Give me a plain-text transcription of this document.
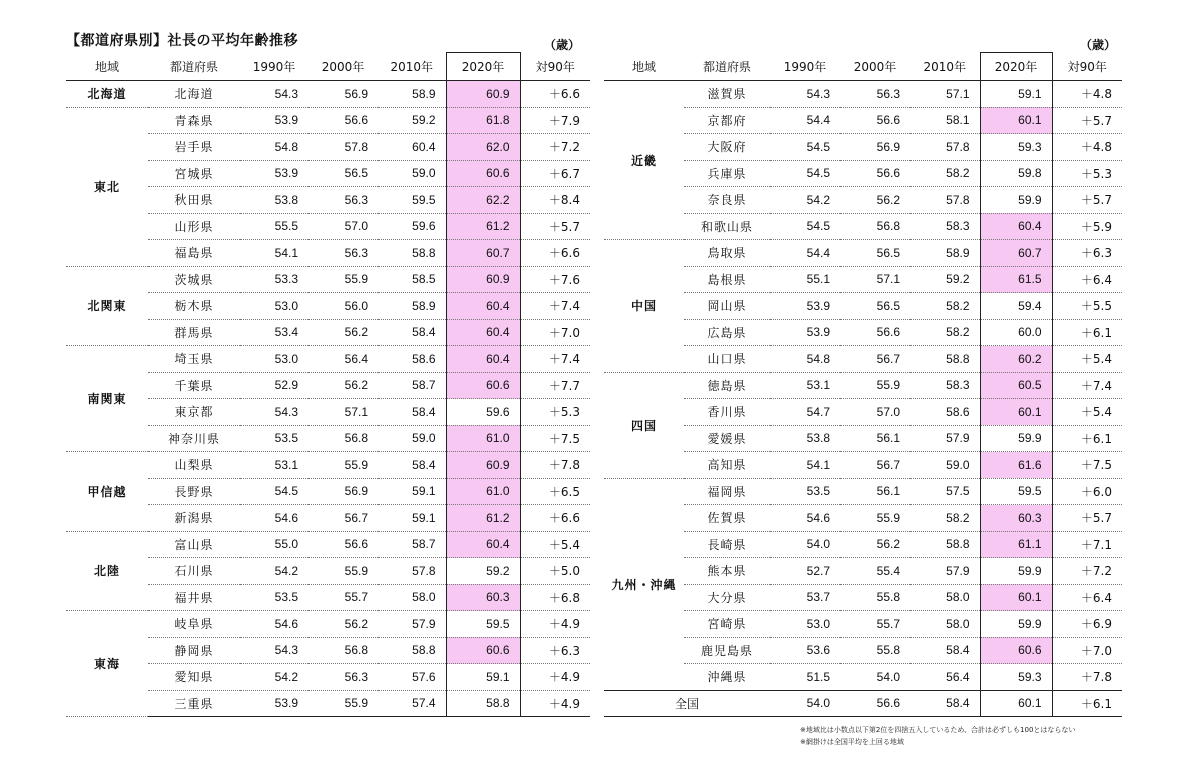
【都道府県別】社長の平均年齢推移	（歳）	（歳）
地域	都道府県	1990年	2000年	2010年	2020年	対90年
北海道	北海道	54.3	56.9	58.9	60.9	＋6.6
東北	青森県	53.9	56.6	59.2	61.8	＋7.9
	岩手県	54.8	57.8	60.4	62.0	＋7.2
	宮城県	53.9	56.5	59.0	60.6	＋6.7
	秋田県	53.8	56.3	59.5	62.2	＋8.4
	山形県	55.5	57.0	59.6	61.2	＋5.7
	福島県	54.1	56.3	58.8	60.7	＋6.6
北関東	茨城県	53.3	55.9	58.5	60.9	＋7.6
	栃木県	53.0	56.0	58.9	60.4	＋7.4
	群馬県	53.4	56.2	58.4	60.4	＋7.0
南関東	埼玉県	53.0	56.4	58.6	60.4	＋7.4
	千葉県	52.9	56.2	58.7	60.6	＋7.7
	東京都	54.3	57.1	58.4	59.6	＋5.3
	神奈川県	53.5	56.8	59.0	61.0	＋7.5
甲信越	山梨県	53.1	55.9	58.4	60.9	＋7.8
	長野県	54.5	56.9	59.1	61.0	＋6.5
	新潟県	54.6	56.7	59.1	61.2	＋6.6
北陸	富山県	55.0	56.6	58.7	60.4	＋5.4
	石川県	54.2	55.9	57.8	59.2	＋5.0
	福井県	53.5	55.7	58.0	60.3	＋6.8
東海	岐阜県	54.6	56.2	57.9	59.5	＋4.9
	静岡県	54.3	56.8	58.8	60.6	＋6.3
	愛知県	54.2	56.3	57.6	59.1	＋4.9
	三重県	53.9	55.9	57.4	58.8	＋4.9
地域	都道府県	1990年	2000年	2010年	2020年	対90年
近畿	滋賀県	54.3	56.3	57.1	59.1	＋4.8
	京都府	54.4	56.6	58.1	60.1	＋5.7
	大阪府	54.5	56.9	57.8	59.3	＋4.8
	兵庫県	54.5	56.6	58.2	59.8	＋5.3
	奈良県	54.2	56.2	57.8	59.9	＋5.7
	和歌山県	54.5	56.8	58.3	60.4	＋5.9
中国	鳥取県	54.4	56.5	58.9	60.7	＋6.3
	島根県	55.1	57.1	59.2	61.5	＋6.4
	岡山県	53.9	56.5	58.2	59.4	＋5.5
	広島県	53.9	56.6	58.2	60.0	＋6.1
	山口県	54.8	56.7	58.8	60.2	＋5.4
四国	徳島県	53.1	55.9	58.3	60.5	＋7.4
	香川県	54.7	57.0	58.6	60.1	＋5.4
	愛媛県	53.8	56.1	57.9	59.9	＋6.1
	高知県	54.1	56.7	59.0	61.6	＋7.5
九州・沖縄	福岡県	53.5	56.1	57.5	59.5	＋6.0
	佐賀県	54.6	55.9	58.2	60.3	＋5.7
	長崎県	54.0	56.2	58.8	61.1	＋7.1
	熊本県	52.7	55.4	57.9	59.9	＋7.2
	大分県	53.7	55.8	58.0	60.1	＋6.4
	宮崎県	53.0	55.7	58.0	59.9	＋6.9
	鹿児島県	53.6	55.8	58.4	60.6	＋7.0
	沖縄県	51.5	54.0	56.4	59.3	＋7.8
全国		54.0	56.6	58.4	60.1	＋6.1
※地域比は小数点以下第2位を四捨五入しているため、合計は必ずしも100とはならない
※網掛けは全国平均を上回る地域
